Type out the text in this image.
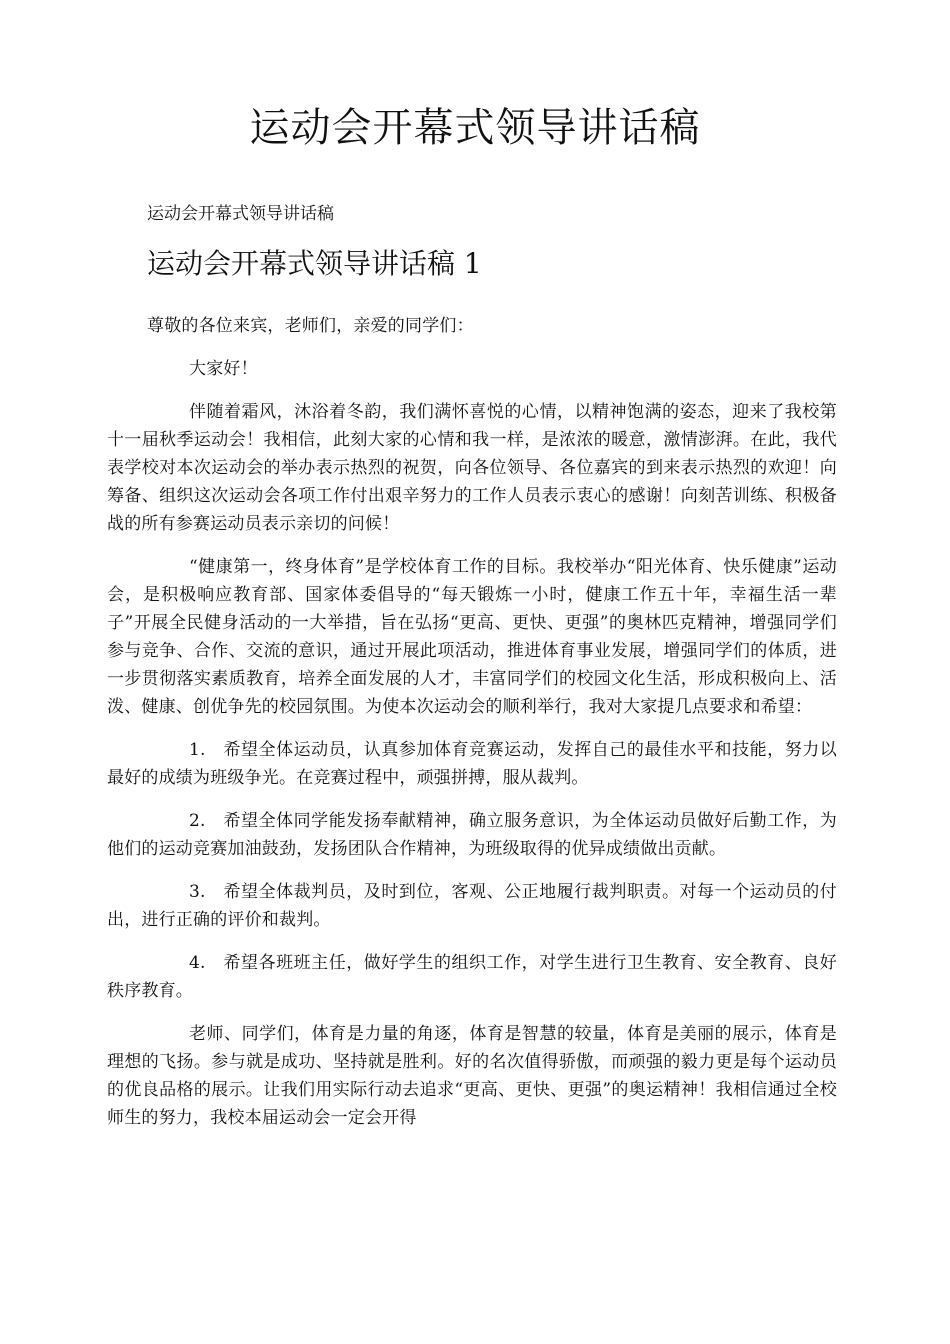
运动会开幕式领导讲话稿

运动会开幕式领导讲话稿

运动会开幕式领导讲话稿 1

尊敬的各位来宾，老师们，亲爱的同学们：

大家好！

伴随着霜风，沐浴着冬韵，我们满怀喜悦的心情，以精神饱满的姿态，迎来了我校第十一届秋季运动会！我相信，此刻大家的心情和我一样，是浓浓的暖意，激情澎湃。在此，我代表学校对本次运动会的举办表示热烈的祝贺，向各位领导、各位嘉宾的到来表示热烈的欢迎！向筹备、组织这次运动会各项工作付出艰辛努力的工作人员表示衷心的感谢！向刻苦训练、积极备战的所有参赛运动员表示亲切的问候！

“健康第一，终身体育”是学校体育工作的目标。我校举办“阳光体育、快乐健康”运动会，是积极响应教育部、国家体委倡导的“每天锻炼一小时，健康工作五十年，幸福生活一辈子”开展全民健身活动的一大举措，旨在弘扬“更高、更快、更强”的奥林匹克精神，增强同学们参与竞争、合作、交流的意识，通过开展此项活动，推进体育事业发展，增强同学们的体质，进一步贯彻落实素质教育，培养全面发展的人才，丰富同学们的校园文化生活，形成积极向上、活泼、健康、创优争先的校园氛围。为使本次运动会的顺利举行，我对大家提几点要求和希望：

1.　希望全体运动员，认真参加体育竞赛运动，发挥自己的最佳水平和技能，努力以最好的成绩为班级争光。在竞赛过程中，顽强拼搏，服从裁判。

2.　希望全体同学能发扬奉献精神，确立服务意识，为全体运动员做好后勤工作，为他们的运动竞赛加油鼓劲，发扬团队合作精神，为班级取得的优异成绩做出贡献。

3.　希望全体裁判员，及时到位，客观、公正地履行裁判职责。对每一个运动员的付出，进行正确的评价和裁判。

4.　希望各班班主任，做好学生的组织工作，对学生进行卫生教育、安全教育、良好秩序教育。

老师、同学们，体育是力量的角逐，体育是智慧的较量，体育是美丽的展示，体育是理想的飞扬。参与就是成功、坚持就是胜利。好的名次值得骄傲，而顽强的毅力更是每个运动员的优良品格的展示。让我们用实际行动去追求“更高、更快、更强”的奥运精神！我相信通过全校师生的努力，我校本届运动会一定会开得
